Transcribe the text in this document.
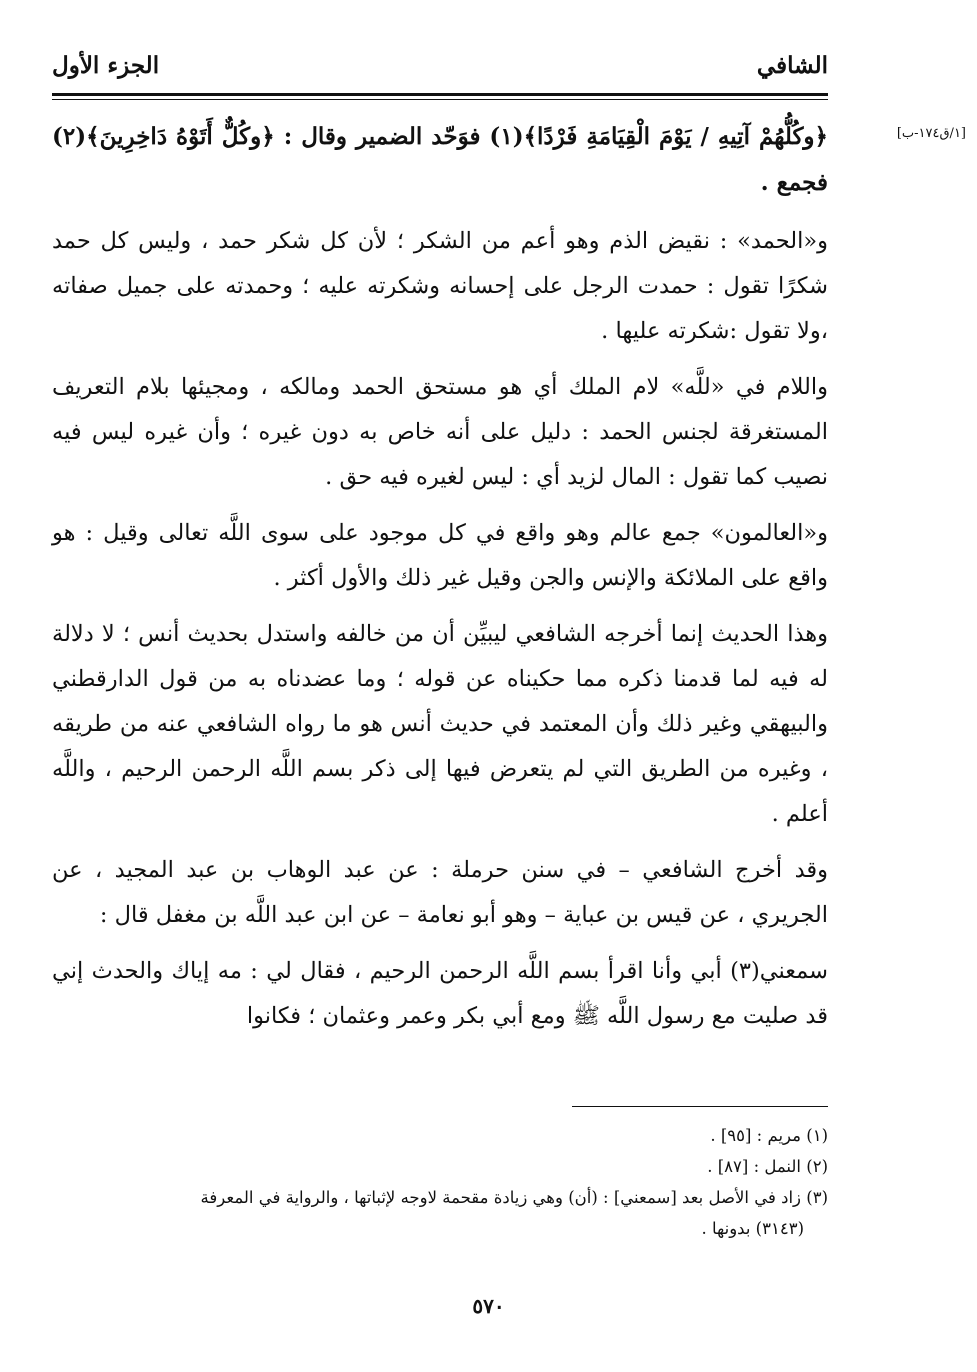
الشافي
الجزء الأول
[١/ق١٧٤-ب]

﴿وكُلُّهُمْ آتِيهِ / يَوْمَ الْقِيَامَةِ فَرْدًا﴾(١) فوَحّد الضمير وقال : ﴿وكُلٌّ أَتَوْهُ دَاخِرِينَ﴾(٢) فجمع .

و«الحمد» : نقيض الذم وهو أعم من الشكر ؛ لأن كل شكر حمد ، وليس كل حمد شكرًا تقول : حمدت الرجل على إحسانه وشكرته عليه ؛ وحمدته على جميل صفاته ،ولا تقول :شكرته عليها .

واللام في «للَّه» لام الملك أي هو مستحق الحمد ومالكه ، ومجيئها بلام التعريف المستغرقة لجنس الحمد : دليل على أنه خاص به دون غيره ؛ وأن غيره ليس فيه نصيب كما تقول : المال لزيد أي : ليس لغيره فيه حق .

و«العالمون» جمع عالم وهو واقع في كل موجود على سوى اللَّه تعالى وقيل : هو واقع على الملائكة والإنس والجن وقيل غير ذلك والأول أكثر .

وهذا الحديث إنما أخرجه الشافعي ليبيِّن أن من خالفه واستدل بحديث أنس ؛ لا دلالة له فيه لما قدمنا ذكره مما حكيناه عن قوله ؛ وما عضدناه به من قول الدارقطني والبيهقي وغير ذلك وأن المعتمد في حديث أنس هو ما رواه الشافعي عنه من طريقه ، وغيره من الطريق التي لم يتعرض فيها إلى ذكر بسم اللَّه الرحمن الرحيم ، واللَّه أعلم .

وقد أخرج الشافعي – في سنن حرملة : عن عبد الوهاب بن عبد المجيد ، عن الجريري ، عن قيس بن عباية – وهو أبو نعامة – عن ابن عبد اللَّه بن مغفل قال :

سمعني(٣) أبي وأنا اقرأ بسم اللَّه الرحمن الرحيم ، فقال لي : مه إياك والحدث إني قد صليت مع رسول اللَّه ﷺ ومع أبي بكر وعمر وعثمان ؛ فكانوا

(١) مريم : [٩٥] .
(٢) النمل : [٨٧] .
(٣) زاد في الأصل بعد [سمعني] : (أن) وهي زيادة مقحمة لاوجه لإثباتها ، والرواية في المعرفة
(٣١٤٣) بدونها .
٥٧٠
